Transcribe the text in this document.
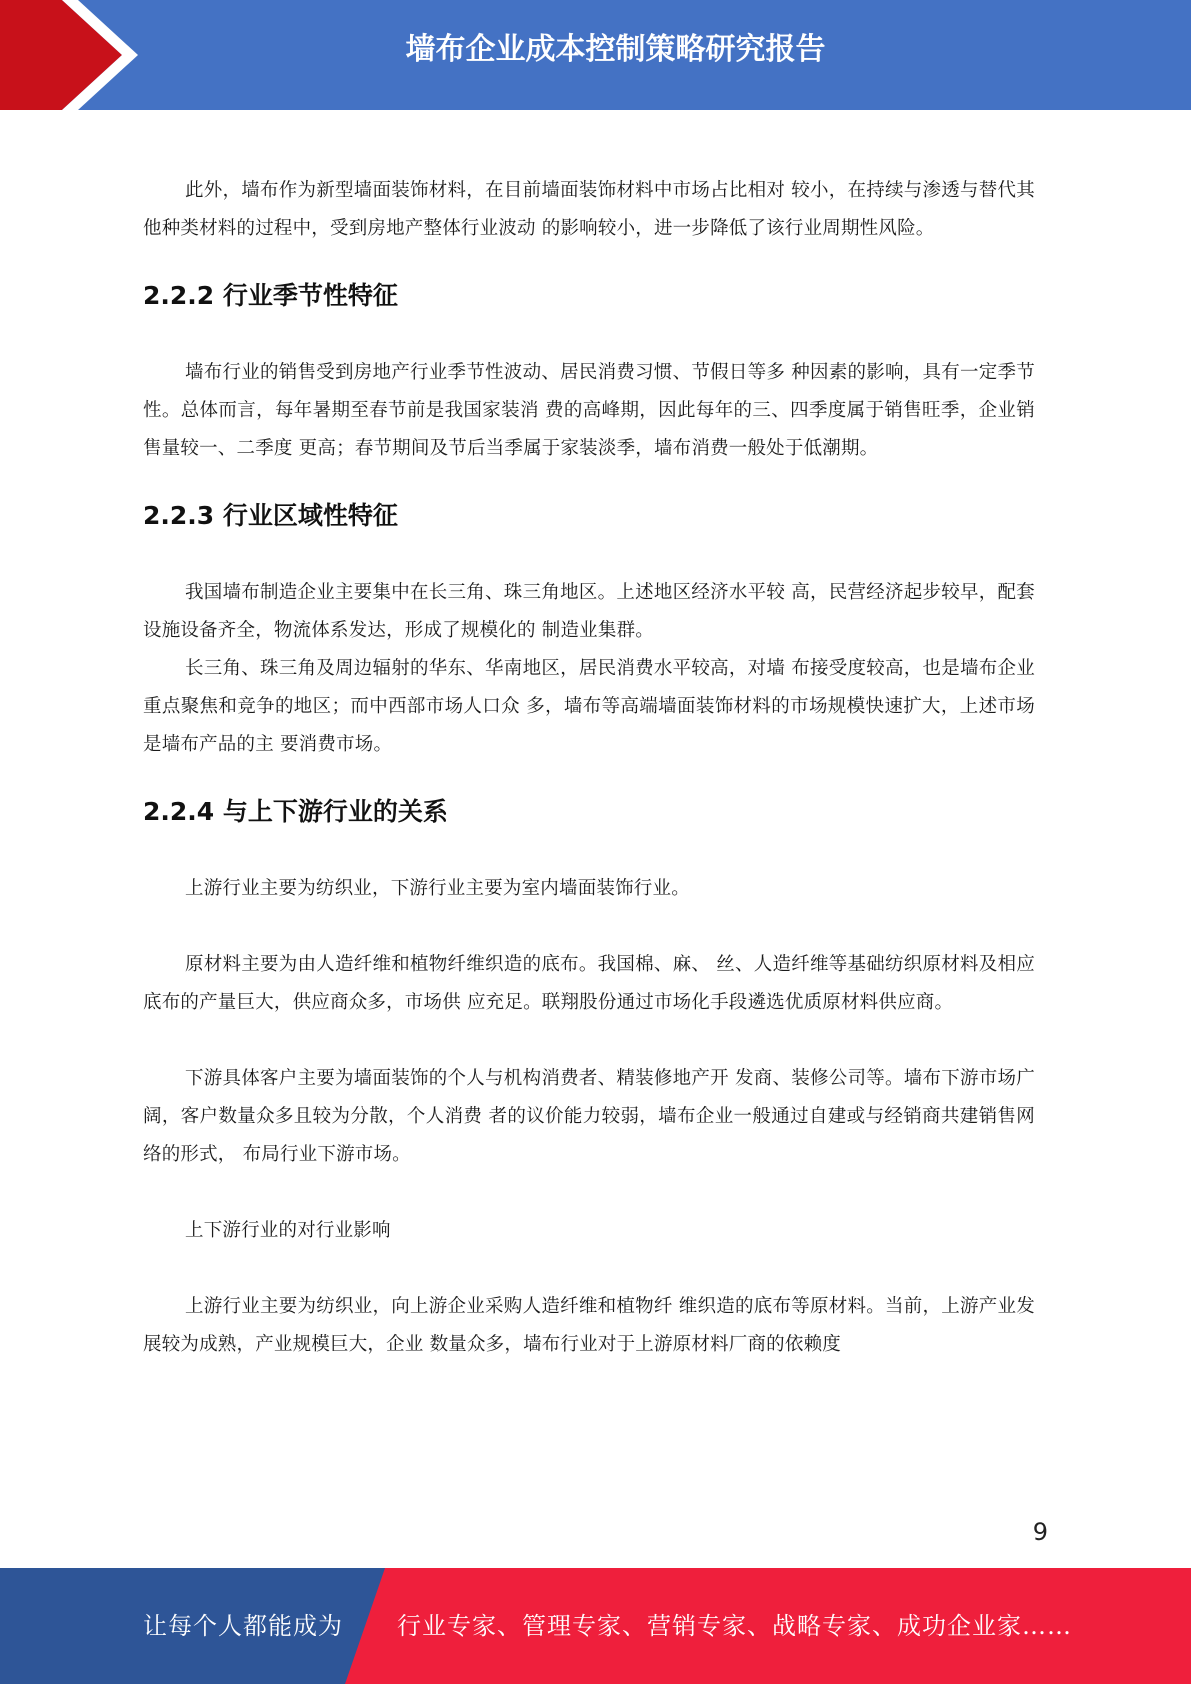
墙布企业成本控制策略研究报告

此外，墙布作为新型墙面装饰材料，在目前墙面装饰材料中市场占比相对 较小，在持续与渗透与替代其他种类材料的过程中，受到房地产整体行业波动 的影响较小，进一步降低了该行业周期性风险。

2.2.2 行业季节性特征

墙布行业的销售受到房地产行业季节性波动、居民消费习惯、节假日等多 种因素的影响，具有一定季节性。总体而言，每年暑期至春节前是我国家装消 费的高峰期，因此每年的三、四季度属于销售旺季，企业销售量较一、二季度 更高；春节期间及节后当季属于家装淡季，墙布消费一般处于低潮期。

2.2.3 行业区域性特征

我国墙布制造企业主要集中在长三角、珠三角地区。上述地区经济水平较 高，民营经济起步较早，配套设施设备齐全，物流体系发达，形成了规模化的 制造业集群。

长三角、珠三角及周边辐射的华东、华南地区，居民消费水平较高，对墙 布接受度较高，也是墙布企业重点聚焦和竞争的地区；而中西部市场人口众 多，墙布等高端墙面装饰材料的市场规模快速扩大，上述市场是墙布产品的主 要消费市场。

2.2.4 与上下游行业的关系

上游行业主要为纺织业，下游行业主要为室内墙面装饰行业。

原材料主要为由人造纤维和植物纤维织造的底布。我国棉、麻、 丝、人造纤维等基础纺织原材料及相应底布的产量巨大，供应商众多，市场供 应充足。联翔股份通过市场化手段遴选优质原材料供应商。

下游具体客户主要为墙面装饰的个人与机构消费者、精装修地产开 发商、装修公司等。墙布下游市场广阔，客户数量众多且较为分散，个人消费 者的议价能力较弱，墙布企业一般通过自建或与经销商共建销售网络的形式， 布局行业下游市场。

上下游行业的对行业影响

上游行业主要为纺织业，向上游企业采购人造纤维和植物纤 维织造的底布等原材料。当前，上游产业发展较为成熟，产业规模巨大，企业 数量众多，墙布行业对于上游原材料厂商的依赖度

9
让每个人都能成为 行业专家、管理专家、营销专家、战略专家、成功企业家……
